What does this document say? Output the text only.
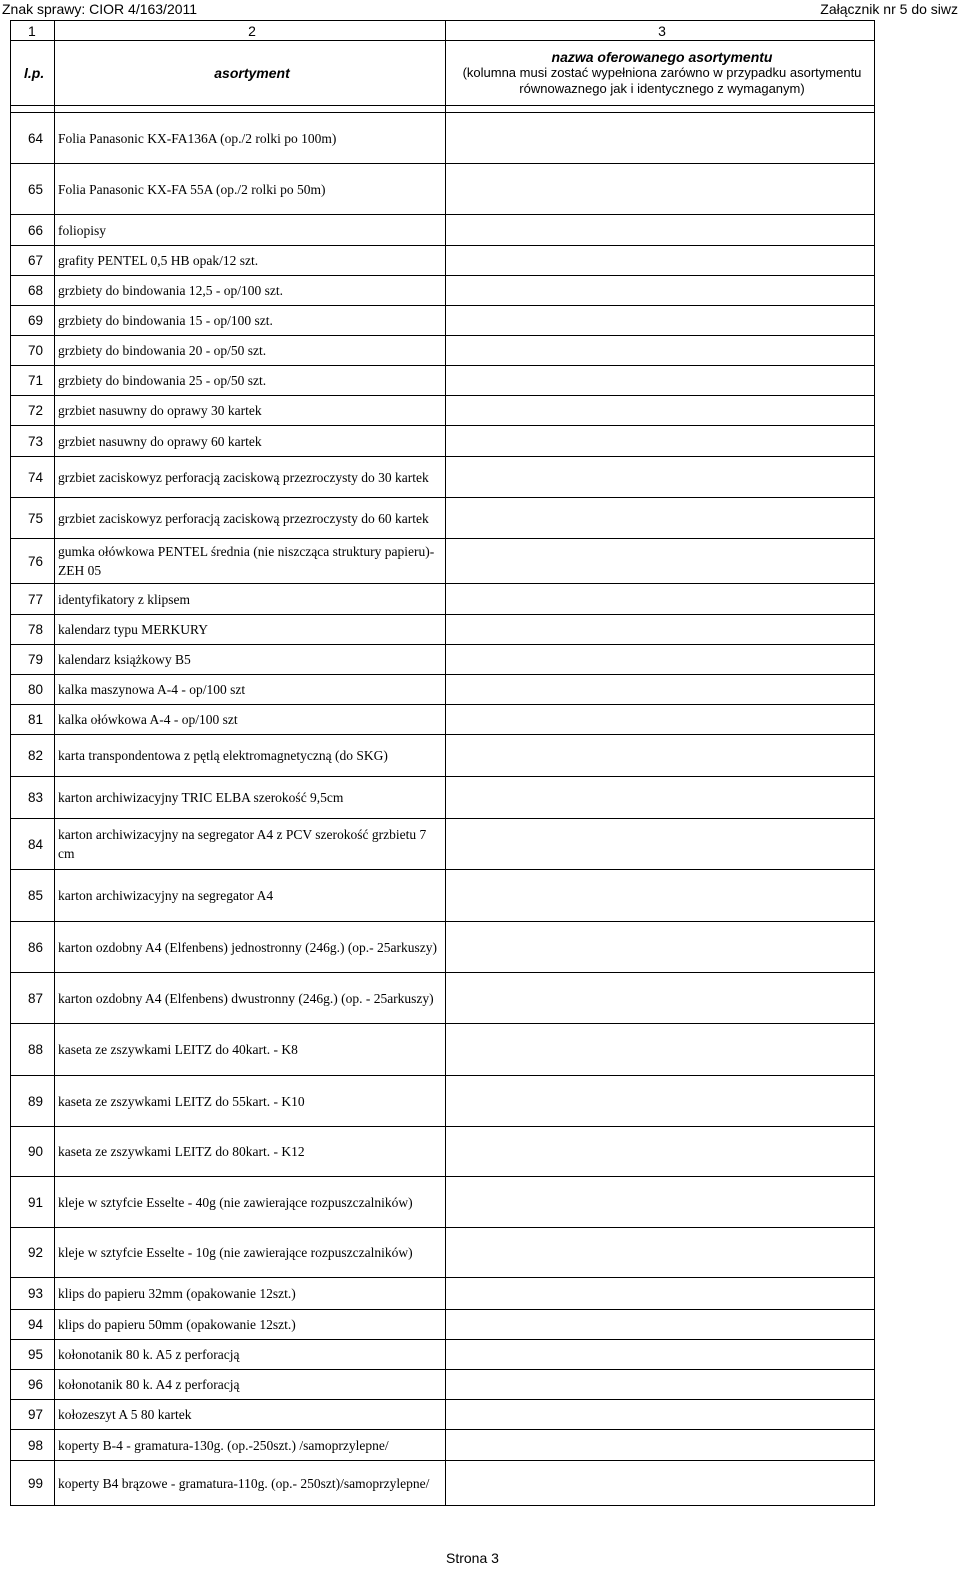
Znak sprawy: CIOR 4/163/2011	Załącznik nr 5 do siwz
1	2	3
l.p.	asortyment	nazwa oferowanego asortymentu
(kolumna musi zostać wypełniona zarówno w przypadku asortymentu równowaznego jak i identycznego z wymaganym)

64	Folia Panasonic KX-FA136A (op./2 rolki po 100m)	
65	Folia Panasonic KX-FA 55A (op./2 rolki po 50m)	
66	foliopisy	
67	grafity PENTEL 0,5 HB opak/12 szt.	
68	grzbiety do bindowania 12,5 - op/100 szt.	
69	grzbiety do bindowania 15 - op/100 szt.	
70	grzbiety do bindowania 20 - op/50 szt.	
71	grzbiety do bindowania 25 - op/50 szt.	
72	grzbiet nasuwny do oprawy 30 kartek	
73	grzbiet nasuwny do oprawy 60 kartek	
74	grzbiet zaciskowyz perforacją zaciskową przezroczysty do 30 kartek	
75	grzbiet zaciskowyz perforacją zaciskową przezroczysty do 60 kartek	
76	gumka ołówkowa PENTEL średnia (nie niszcząca struktury papieru)- ZEH 05	
77	identyfikatory z klipsem	
78	kalendarz typu MERKURY	
79	kalendarz książkowy B5	
80	kalka maszynowa A-4 - op/100 szt	
81	kalka ołówkowa A-4 - op/100 szt	
82	karta transpondentowa z pętlą elektromagnetyczną (do SKG)	
83	karton archiwizacyjny TRIC ELBA szerokość 9,5cm	
84	karton archiwizacyjny na segregator A4 z PCV szerokość grzbietu 7 cm	
85	karton archiwizacyjny na segregator A4	
86	karton ozdobny A4 (Elfenbens) jednostronny (246g.) (op.- 25arkuszy)	
87	karton ozdobny A4 (Elfenbens) dwustronny (246g.) (op. - 25arkuszy)	
88	kaseta ze zszywkami LEITZ do 40kart. - K8	
89	kaseta ze zszywkami LEITZ do 55kart. - K10	
90	kaseta ze zszywkami LEITZ do 80kart. - K12	
91	kleje w sztyfcie Esselte - 40g (nie zawierające rozpuszczalników)	
92	kleje w sztyfcie Esselte - 10g (nie zawierające rozpuszczalników)	
93	klips do papieru 32mm (opakowanie 12szt.)	
94	klips do papieru 50mm (opakowanie 12szt.)	
95	kołonotanik 80 k. A5 z perforacją	
96	kołonotanik 80 k. A4 z perforacją	
97	kołozeszyt A 5 80 kartek	
98	koperty B-4 - gramatura-130g. (op.-250szt.) /samoprzylepne/	
99	koperty B4 brązowe - gramatura-110g. (op.- 250szt)/samoprzylepne/	
Strona 3
